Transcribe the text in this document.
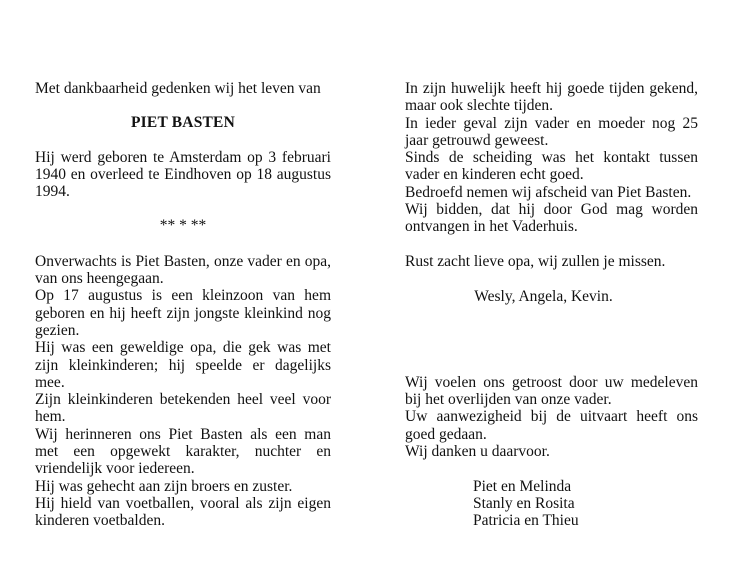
Met dankbaarheid gedenken wij het leven van

PIET BASTEN

Hij werd geboren te Amsterdam op 3 februari 1940 en overleed te Eindhoven op 18 augustus 1994.

** * **

Onverwachts is Piet Basten, onze vader en opa, van ons heengegaan.

Op 17 augustus is een kleinzoon van hem geboren en hij heeft zijn jongste kleinkind nog gezien.

Hij was een geweldige opa, die gek was met zijn kleinkinderen; hij speelde er dagelijks mee.

Zijn kleinkinderen betekenden heel veel voor hem.

Wij herinneren ons Piet Basten als een man met een opgewekt karakter, nuchter en vriendelijk voor iedereen.

Hij was gehecht aan zijn broers en zuster.

Hij hield van voetballen, vooral als zijn eigen kinderen voetbalden.

In zijn huwelijk heeft hij goede tijden gekend, maar ook slechte tijden.

In ieder geval zijn vader en moeder nog 25 jaar getrouwd geweest.

Sinds de scheiding was het kontakt tussen vader en kinderen echt goed.

Bedroefd nemen wij afscheid van Piet Basten.

Wij bidden, dat hij door God mag worden ontvangen in het Vaderhuis.

Rust zacht lieve opa, wij zullen je missen.

Wesly, Angela, Kevin.

Wij voelen ons getroost door uw medeleven bij het overlijden van onze vader.

Uw aanwezigheid bij de uitvaart heeft ons goed gedaan.

Wij danken u daarvoor.

Piet en Melinda

Stanly en Rosita

Patricia en Thieu
